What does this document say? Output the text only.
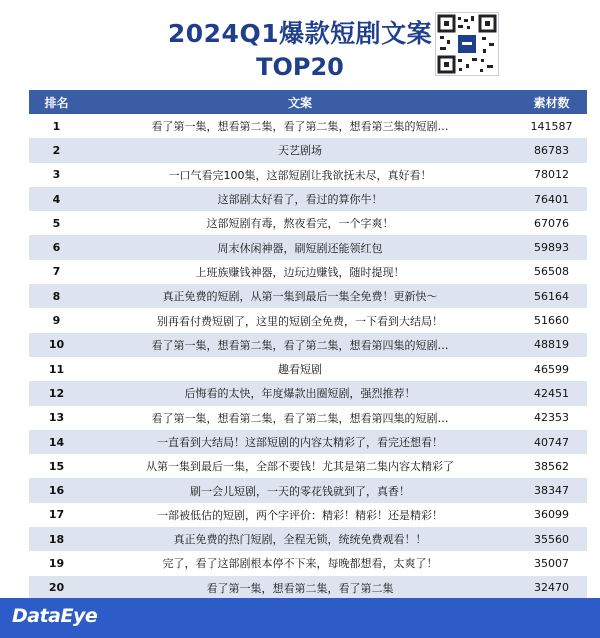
2024Q1爆款短剧文案
TOP20
排名	文案	素材数
1	看了第一集，想看第二集，看了第二集，想看第三集的短剧…	141587
2	天艺剧场	86783
3	一口气看完100集，这部短剧让我欲抚未尽，真好看！	78012
4	这部剧太好看了，看过的算你牛！	76401
5	这部短剧有毒，熬夜看完，一个字爽！	67076
6	周末休闲神器，刷短剧还能领红包	59893
7	上班族赚钱神器，边玩边赚钱，随时提现！	56508
8	真正免费的短剧，从第一集到最后一集全免费！更新快～	56164
9	别再看付费短剧了，这里的短剧全免费，一下看到大结局！	51660
10	看了第一集，想看第二集，看了第二集，想看第四集的短剧…	48819
11	趣看短剧	46599
12	后悔看的太快，年度爆款出圈短剧，强烈推荐！	42451
13	看了第一集，想看第二集，看了第二集，想看第四集的短剧…	42353
14	一直看到大结局！这部短剧的内容太精彩了，看完还想看！	40747
15	从第一集到最后一集，全部不要钱！尤其是第二集内容太精彩了	38562
16	刷一会儿短剧，一天的零花钱就到了，真香！	38347
17	一部被低估的短剧，两个字评价：精彩！精彩！还是精彩！	36099
18	真正免费的热门短剧，全程无锁，统统免费观看！！	35560
19	完了，看了这部剧根本停不下来，每晚都想看，太爽了！	35007
20	看了第一集，想看第二集，看了第二集	32470
DataEye
